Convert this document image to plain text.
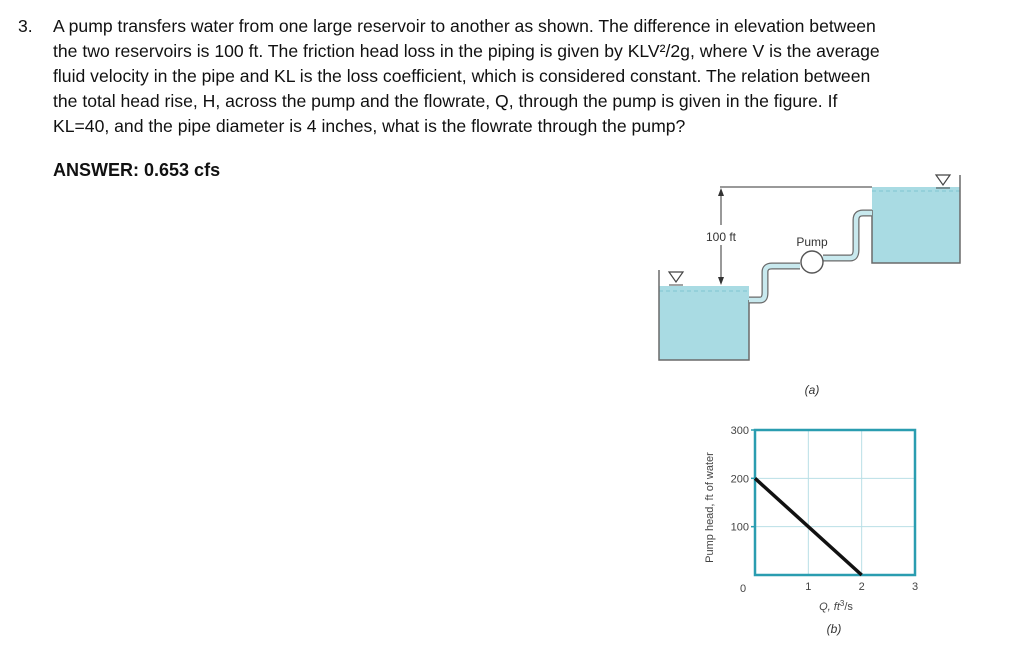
3. A pump transfers water from one large reservoir to another as shown. The difference in elevation between
the two reservoirs is 100 ft. The friction head loss in the piping is given by KLV²/2g, where V is the average
fluid velocity in the pipe and KL is the loss coefficient, which is considered constant. The relation between
the total head rise, H, across the pump and the flowrate, Q, through the pump is given in the figure. If
KL=40, and the pipe diameter is 4 inches, what is the flowrate through the pump?
ANSWER: 0.653 cfs
100 ft	Pump
(a)
100
200
300
0	1	2	3
Pump head, ft of water
Q, $ft^3/s$
(b)
